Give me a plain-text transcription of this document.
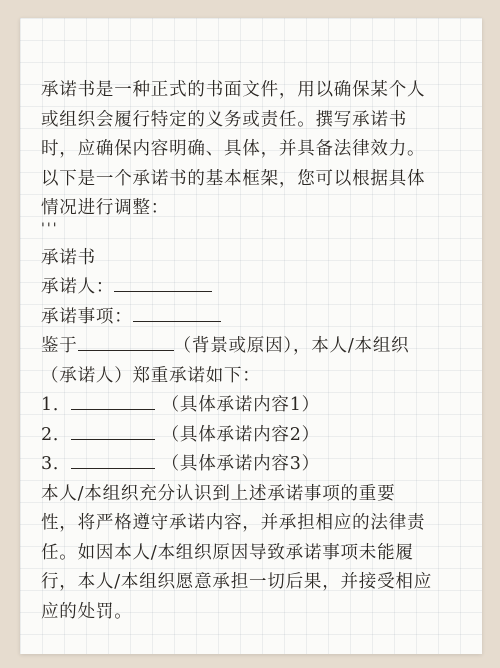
承诺书是一种正式的书面文件，用以确保某个人
或组织会履行特定的义务或责任。撰写承诺书
时，应确保内容明确、具体，并具备法律效力。
以下是一个承诺书的基本框架，您可以根据具体
情况进行调整：
'''
承诺书
承诺人：
承诺事项：
鉴于	（背景或原因），本人/本组织
（承诺人）郑重承诺如下：
1．	（具体承诺内容1）
2．	（具体承诺内容2）
3．	（具体承诺内容3）
本人/本组织充分认识到上述承诺事项的重要
性，将严格遵守承诺内容，并承担相应的法律责
任。如因本人/本组织原因导致承诺事项未能履
行，本人/本组织愿意承担一切后果，并接受相应
应的处罚。
